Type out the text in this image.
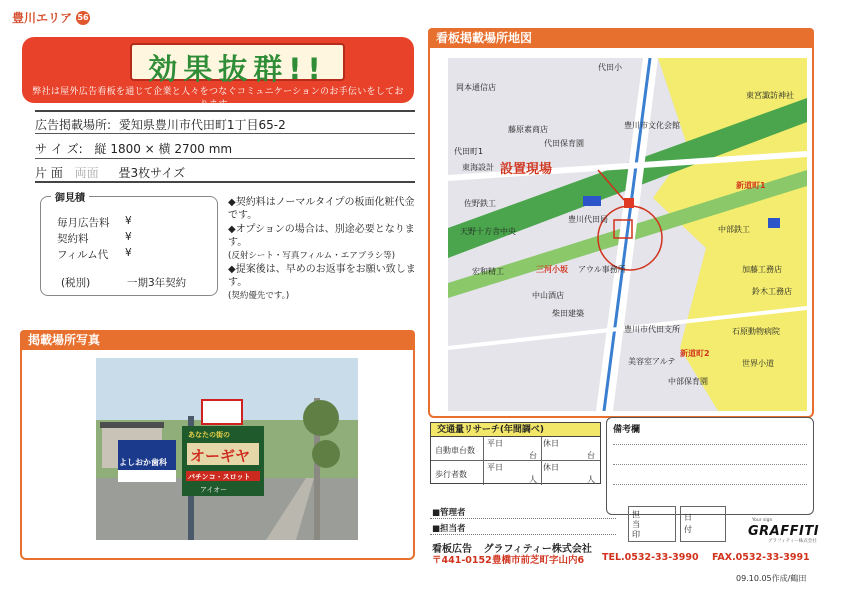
豊川エリア 56
効果抜群!!
弊社は屋外広告看板を通じて企業と人々をつなぐコミュニケーションのお手伝いをしております。
広告掲載場所: 愛知県豊川市代田町1丁目65-2
サ イ ズ: 縦 1800 × 横 2700 mm
片 面 両面 畳3枚サイズ
御見積
毎月広告料 ¥
契約料	¥
フィルム代 ¥
(税別)	一期3年契約
◆契約料はノーマルタイプの板面化粧代金です。
◆オプションの場合は、別途必要となります。
(反射シート・写真フィルム・エアブラシ等)
◆提案後は、早めのお返事をお願い致します。
(契約優先です。)
掲載場所写真
よしおか歯科
クリニック
あなたの街の
オーギヤ
パチンコ・スロット
アイオー
看板掲載場所地図
代田小
岡本通信店
豊川市文化会館
代田保育園
藤原素商店
東海設計
代田町1
佐野鉄工
豊川代田局
天野十方舎中央
宏和精工
中山酒店
柴田建築
三河小坂 アウル事務所
豊川市代田支所
美容室アルテ
新道町1
新道町2
中部鉄工
加藤工務店
鈴木工務店
石原動物病院
中部保育園
世界小道
東宮諏訪神社
設置現場
交通量リサーチ(年間調べ)
自動車台数
平日
台
休日
台
歩行者数
平日
人
休日
人
備考欄
担当印
日付
■管理者
■担当者
看板広告 グラフィティー株式会社
〒441-0152 豊橋市前芝町字山内6 TEL.0532-33-3990 FAX.0532-33-3991
Your sign
GRAFFITI
グラフィティー株式会社
09.10.05作成/鶴田
